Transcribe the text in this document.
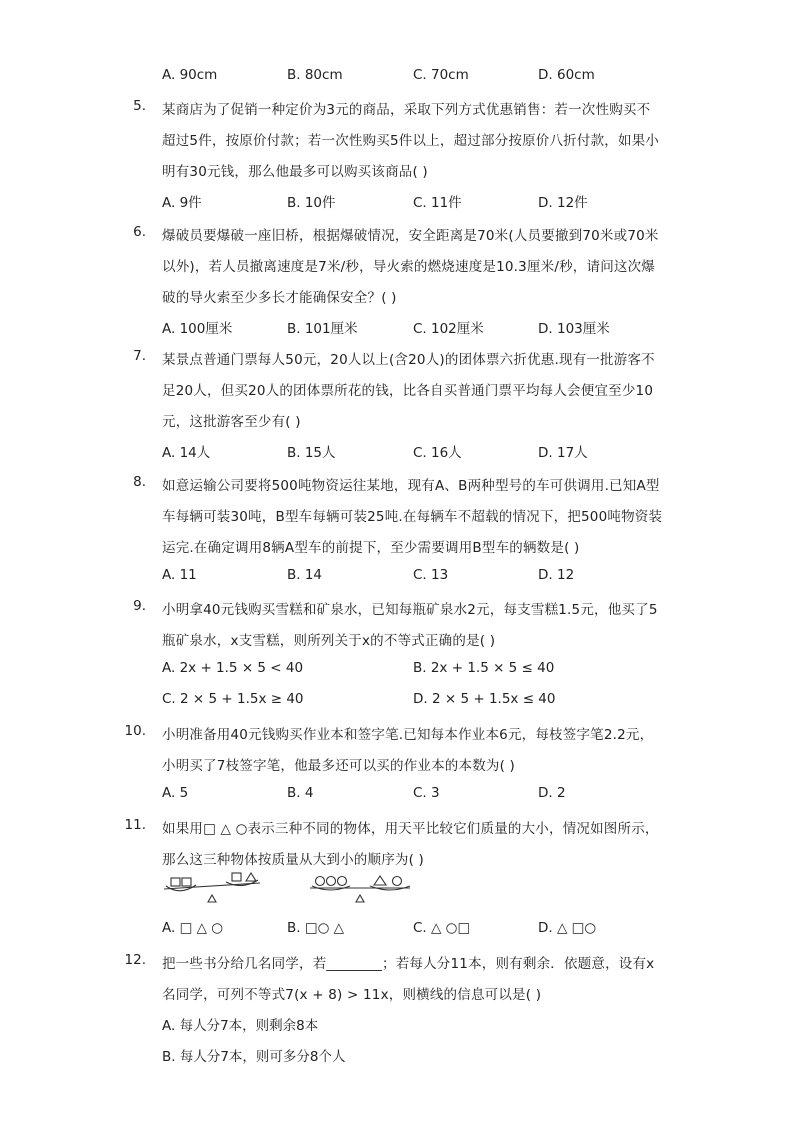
A. 90cm	B. 80cm	C. 70cm	D. 60cm
5. 某商店为了促销一种定价为3元的商品，采取下列方式优惠销售：若一次性购买不
超过5件，按原价付款；若一次性购买5件以上，超过部分按原价八折付款，如果小
明有30元钱，那么他最多可以购买该商品( )
A. 9件	B. 10件	C. 11件	D. 12件
6. 爆破员要爆破一座旧桥，根据爆破情况，安全距离是70米(人员要撤到70米或70米
以外)，若人员撤离速度是7米/秒，导火索的燃烧速度是10.3厘米/秒，请问这次爆
破的导火索至少多长才能确保安全？( )
A. 100厘米	B. 101厘米	C. 102厘米	D. 103厘米
7. 某景点普通门票每人50元，20人以上(含20人)的团体票六折优惠.现有一批游客不
足20人，但买20人的团体票所花的钱，比各自买普通门票平均每人会便宜至少10
元，这批游客至少有( )
A. 14人	B. 15人	C. 16人	D. 17人
8. 如意运输公司要将500吨物资运往某地，现有A、B两种型号的车可供调用.已知A型
车每辆可装30吨，B型车每辆可装25吨.在每辆车不超载的情况下，把500吨物资装
运完.在确定调用8辆A型车的前提下，至少需要调用B型车的辆数是( )
A. 11	B. 14	C. 13	D. 12
9. 小明拿40元钱购买雪糕和矿泉水，已知每瓶矿泉水2元，每支雪糕1.5元，他买了5
瓶矿泉水，x支雪糕，则所列关于x的不等式正确的是( )
A. 2x + 1.5 × 5 < 40	B. 2x + 1.5 × 5 ≤ 40
C. 2 × 5 + 1.5x ≥ 40	D. 2 × 5 + 1.5x ≤ 40
10. 小明准备用40元钱购买作业本和签字笔.已知每本作业本6元，每枝签字笔2.2元，
小明买了7枝签字笔，他最多还可以买的作业本的本数为( )
A. 5	B. 4	C. 3	D. 2
11. 如果用□ △ ○表示三种不同的物体，用天平比较它们质量的大小，情况如图所示，
那么这三种物体按质量从大到小的顺序为( )
A. □ △ ○	B. □○ △	C. △ ○□	D. △ □○
12. 把一些书分给几名同学，若________；若每人分11本，则有剩余．依题意，设有x
名同学，可列不等式7(x + 8) > 11x，则横线的信息可以是( )
A. 每人分7本，则剩余8本
B. 每人分7本，则可多分8个人
